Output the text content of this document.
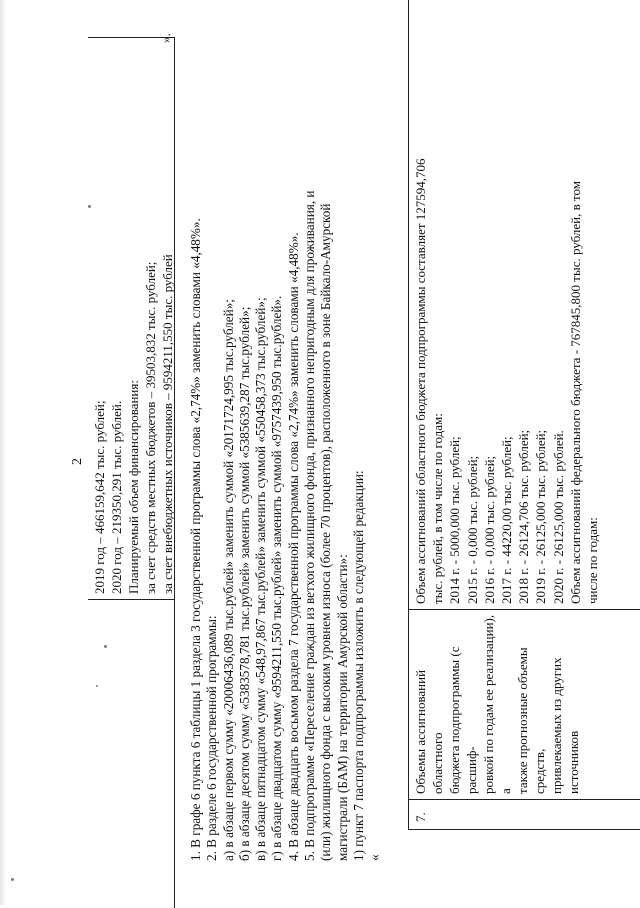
2 2019 год – 466159,642 тыс. рублей; 2020 год – 219350,291 тыс. рублей. Планируемый объем финансирования: за счет средств местных бюджетов – 39503,832 тыс. рублей; за счет внебюджетных источников – 9594211,550 тыс. рублей
».
1. В графе 6 пункта 6 таблицы 1 раздела 3 государственной программы слова «2,74%» заменить словами «4,48%». 2. В разделе 6 государственной программы: а) в абзаце первом сумму «20006436,089 тыс.рублей» заменить суммой «20171724,995 тыс.рублей»; б) в абзаце десятом сумму «5383578,781 тыс.рублей» заменить суммой «5385639,287 тыс.рублей»; в) в абзаце пятнадцатом сумму «548,97,867 тыс.рублей» заменить суммой «550458,373 тыс.рублей»; г) в абзаце двадцатом сумму «9594211,550 тыс.рублей» заменить суммой «9757439,950 тыс.рублей». 4. В абзаце двадцать восьмом раздела 7 государственной программы слова «2,74%» заменить словами «4,48%». 5. В подпрограмме «Переселение граждан из ветхого жилищного фонда, признанного непригодным для проживания, и (или) жилищного фонда с высоким уровнем износа (более 70 процентов), расположенного в зоне Байкало-Амурской магистрали (БАМ) на территории Амурской области»: 1) пункт 7 паспорта подпрограммы изложить в следующей редакции: «
7.
Объемы ассигнований областного бюджета подпрограммы (с расшиф- ровкой по годам ее реализации), а также прогнозные объемы средств, привлекаемых из других источников
Объем ассигнований областного бюджета подпрограммы составляет 127594,706 тыс. рублей, в том числе по годам: 2014 г. - 5000,000 тыс. рублей; 2015 г. - 0,000 тыс. рублей; 2016 г. - 0,000 тыс. рублей; 2017 г. - 44220,00 тыс. рублей; 2018 г. - 26124,706 тыс. рублей; 2019 г. - 26125,000 тыс. рублей; 2020 г. - 26125,000 тыс. рублей. Объем ассигнований федерального бюджета - 767845,800 тыс. рублей, в том числе по годам:
